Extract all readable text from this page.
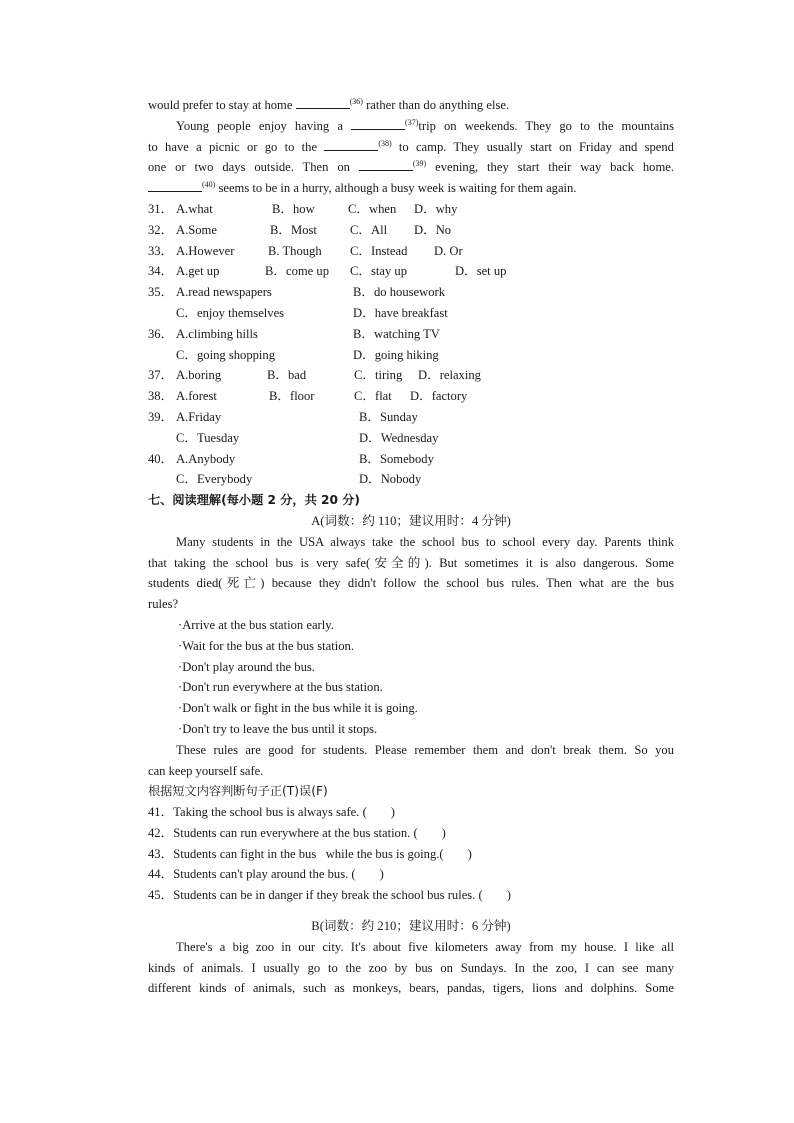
would prefer to stay at home	$^{(36)}$ rather than do anything else.
Young people enjoy having a	$^{(37)}$trip on weekends. They go to the mountains
to have a picnic or go to the	$^{(38)}$ to camp. They usually start on Friday and spend
one or two days outside. Then on	$^{(39)}$ evening, they start their way back home.
$^{(40)}$ seems to be in a hurry, although a busy week is waiting for them again.
31． A.what	B．how	C．when D．why
32． A.Some	B．Most	C．All D．No
33． A.However	B. Though C．Instead D. Or
34． A.get up	B．come up C．stay up	D．set up
35． A.read newspapers	B．do housework
C．enjoy themselves	D．have breakfast
36． A.climbing hills	B．watching TV
C．going shopping	D．going hiking
37． A.boring	B．bad	C．tiring D．relaxing
38． A.forest	B．floor	C．flat D．factory
39． A.Friday	B．Sunday
C．Tuesday	D．Wednesday
40． A.Anybody	B．Somebody
C．Everybody	D．Nobody
七、阅读理解(每小题 2 分，共 20 分)
A(词数：约 110；建议用时：4 分钟)
Many students in the USA always take the school bus to school every day. Parents think
that taking the school bus is very safe(安全的). But sometimes it is also dangerous. Some
students died(死亡) because they didn't follow the school bus rules. Then what are the bus
rules?
·Arrive at the bus station early.
·Wait for the bus at the bus station.
·Don't play around the bus.
·Don't run everywhere at the bus station.
·Don't walk or fight in the bus while it is going.
·Don't try to leave the bus until it stops.
These rules are good for students. Please remember them and don't break them. So you
can keep yourself safe.
根据短文内容判断句子正(T)误(F)
41．Taking the school bus is always safe. ( )
42．Students can run everywhere at the bus station. ( )
43．Students can fight in the bus   while the bus is going.( )
44．Students can't play around the bus. ( )
45．Students can be in danger if they break the school bus rules. ( )
B(词数：约 210；建议用时：6 分钟)
There's a big zoo in our city. It's about five kilometers away from my house. I like all
kinds of animals. I usually go to the zoo by bus on Sundays. In the zoo, I can see many
different kinds of animals, such as monkeys, bears, pandas, tigers, lions and dolphins. Some
